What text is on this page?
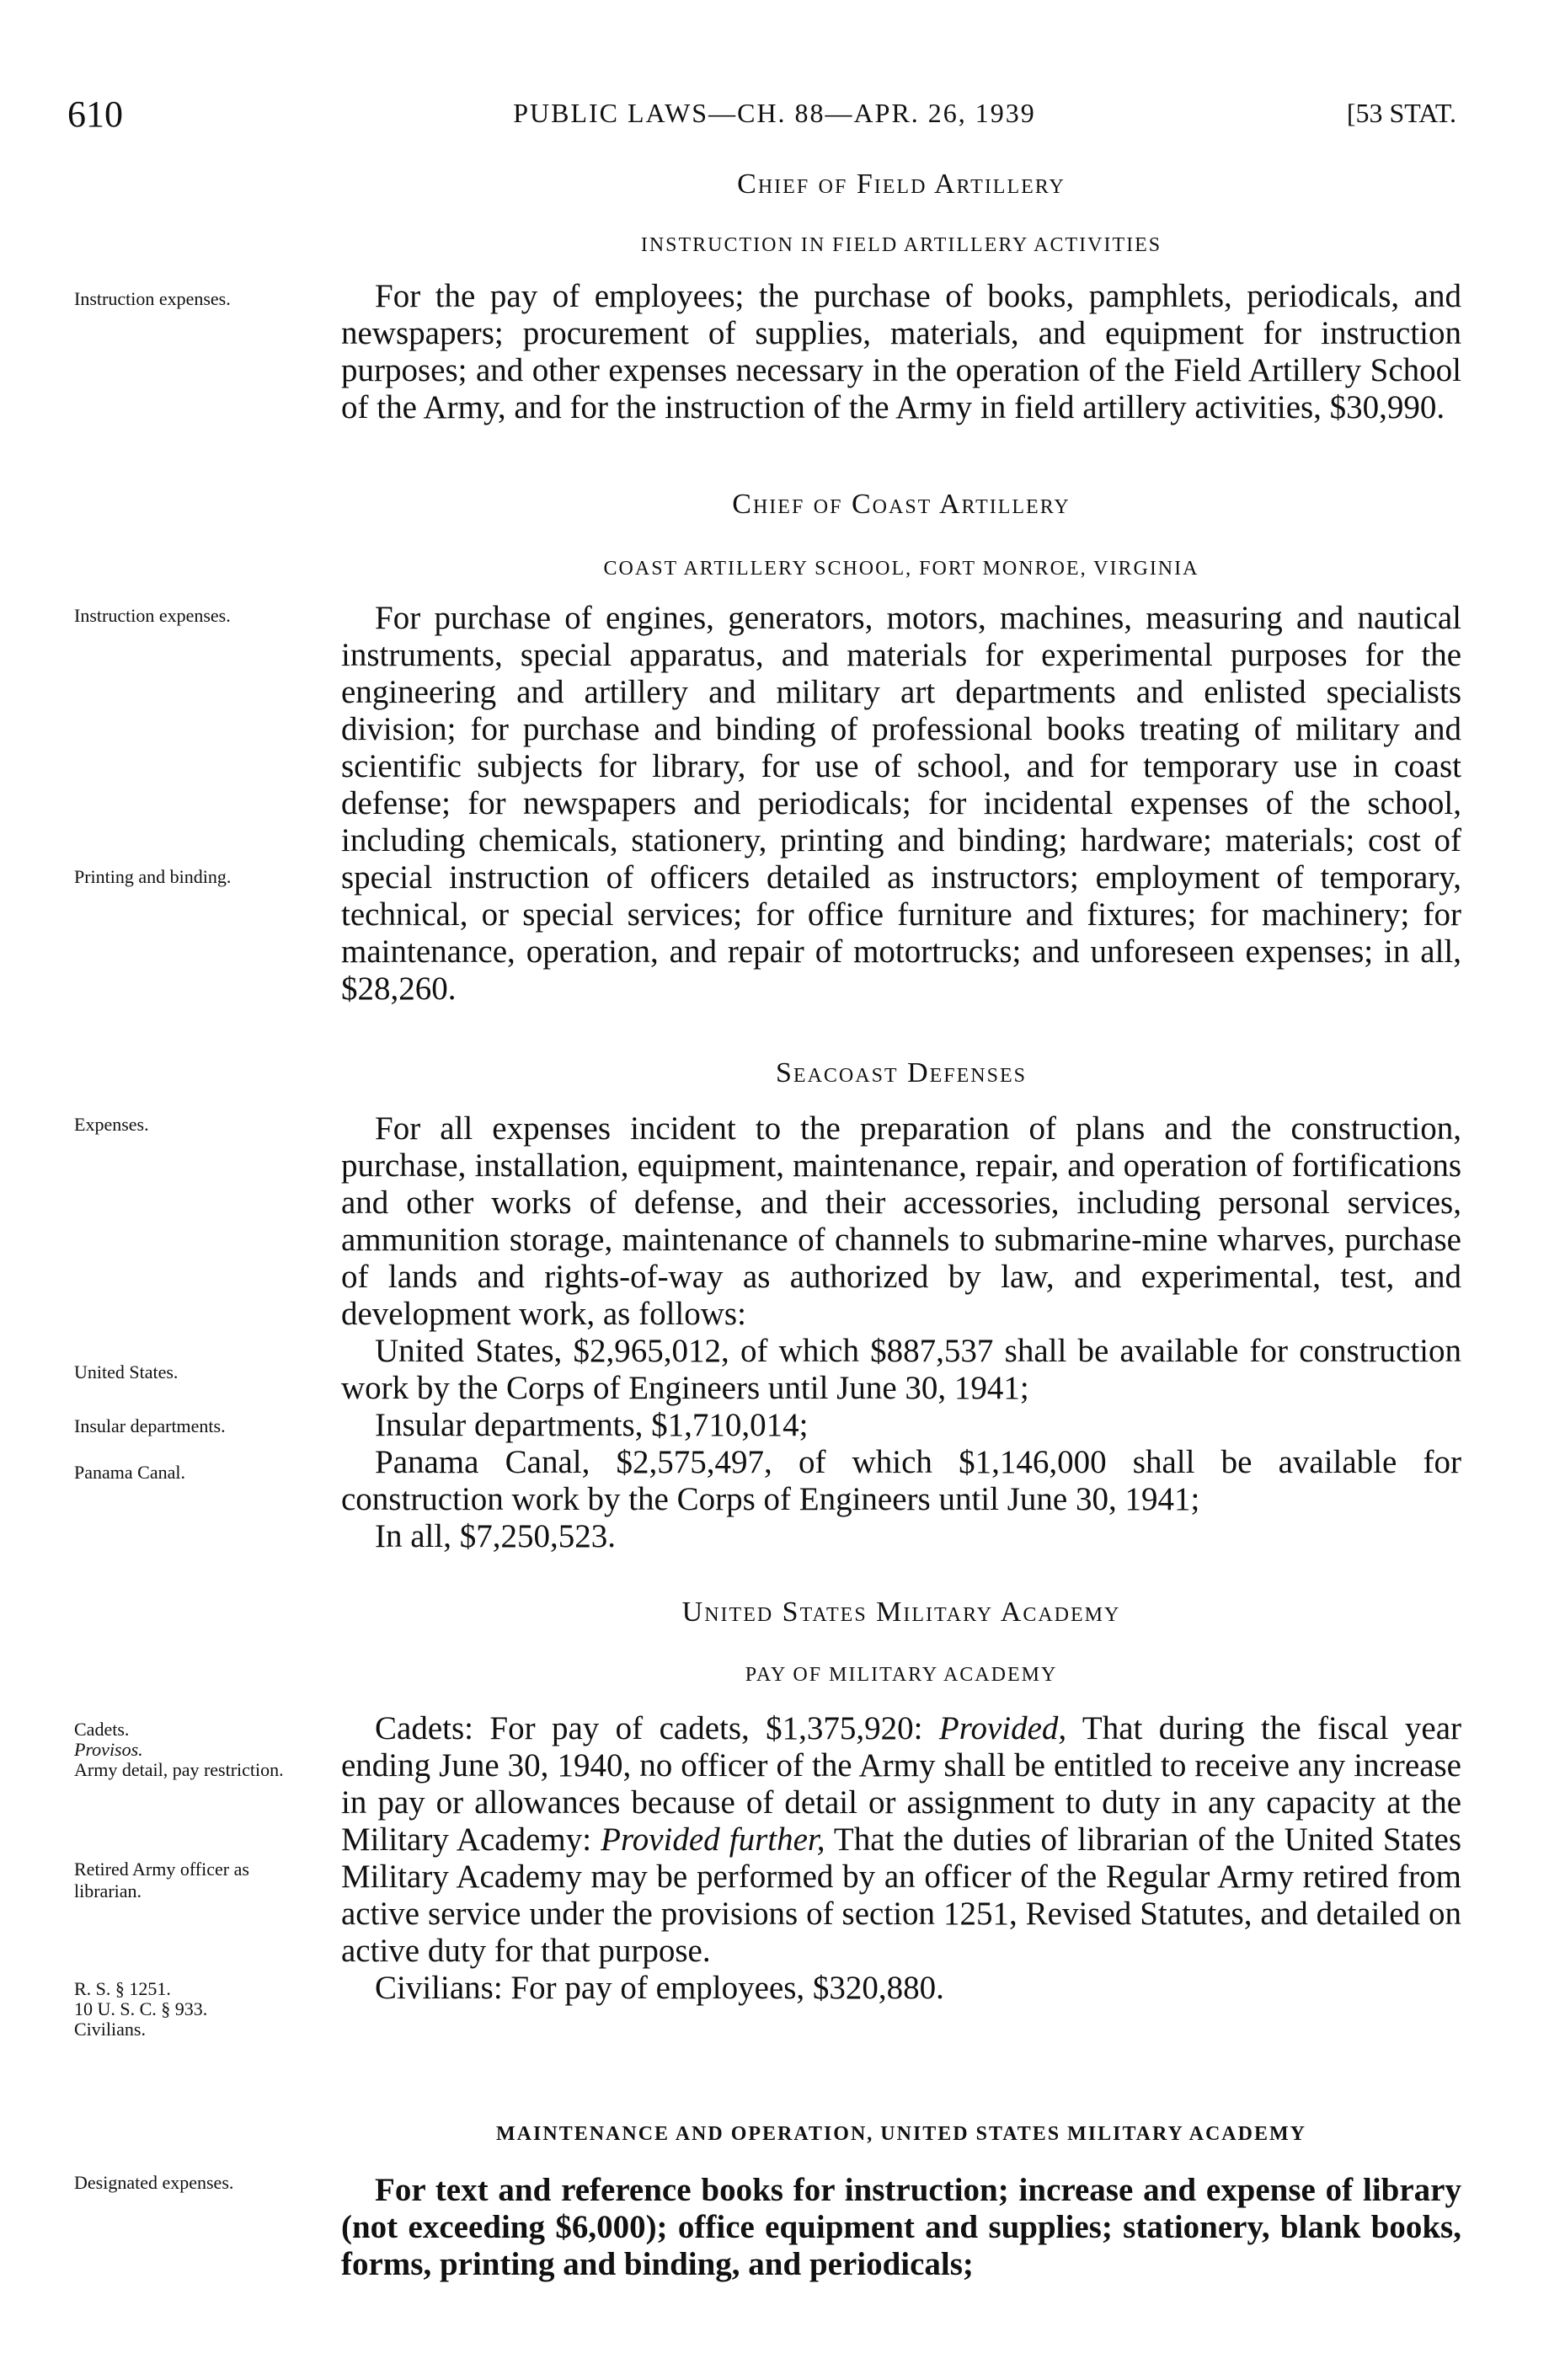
610	PUBLIC LAWS—CH. 88—APR. 26, 1939	[53 STAT.
Chief of Field Artillery
INSTRUCTION IN FIELD ARTILLERY ACTIVITIES
Instruction expenses.	For the pay of employees; the purchase of books, pamphlets, periodicals, and newspapers; procurement of supplies, materials, and equipment for instruction purposes; and other expenses necessary in the operation of the Field Artillery School of the Army, and for the instruction of the Army in field artillery activities, $30,990.

Chief of Coast Artillery
COAST ARTILLERY SCHOOL, FORT MONROE, VIRGINIA
Instruction expenses.
Printing and binding.

For purchase of engines, generators, motors, machines, measuring and nautical instruments, special apparatus, and materials for experimental purposes for the engineering and artillery and military art departments and enlisted specialists division; for purchase and binding of professional books treating of military and scientific subjects for library, for use of school, and for temporary use in coast defense; for newspapers and periodicals; for incidental expenses of the school, including chemicals, stationery, printing and binding; hardware; materials; cost of special instruction of officers detailed as instructors; employment of temporary, technical, or special services; for office furniture and fixtures; for machinery; for maintenance, operation, and repair of motortrucks; and unforeseen expenses; in all, $28,260.

Seacoast Defenses
Expenses.
United States.
Insular departments.
Panama Canal.

For all expenses incident to the preparation of plans and the construction, purchase, installation, equipment, maintenance, repair, and operation of fortifications and other works of defense, and their accessories, including personal services, ammunition storage, maintenance of channels to submarine-mine wharves, purchase of lands and rights-of-way as authorized by law, and experimental, test, and development work, as follows:

United States, $2,965,012, of which $887,537 shall be available for construction work by the Corps of Engineers until June 30, 1941;

Insular departments, $1,710,014;

Panama Canal, $2,575,497, of which $1,146,000 shall be available for construction work by the Corps of Engineers until June 30, 1941;

In all, $7,250,523.

United States Military Academy
PAY OF MILITARY ACADEMY
Cadets.
Provisos.
Army detail, pay restriction.
Retired Army officer as librarian.
R. S. § 1251.
10 U. S. C. § 933.
Civilians.

Cadets: For pay of cadets, $1,375,920: Provided, That during the fiscal year ending June 30, 1940, no officer of the Army shall be entitled to receive any increase in pay or allowances because of detail or assignment to duty in any capacity at the Military Academy: Provided further, That the duties of librarian of the United States Military Academy may be performed by an officer of the Regular Army retired from active service under the provisions of section 1251, Revised Statutes, and detailed on active duty for that purpose.

Civilians: For pay of employees, $320,880.

MAINTENANCE AND OPERATION, UNITED STATES MILITARY ACADEMY
Designated expenses.	For text and reference books for instruction; increase and expense of library (not exceeding $6,000); office equipment and supplies; stationery, blank books, forms, printing and binding, and periodicals;
